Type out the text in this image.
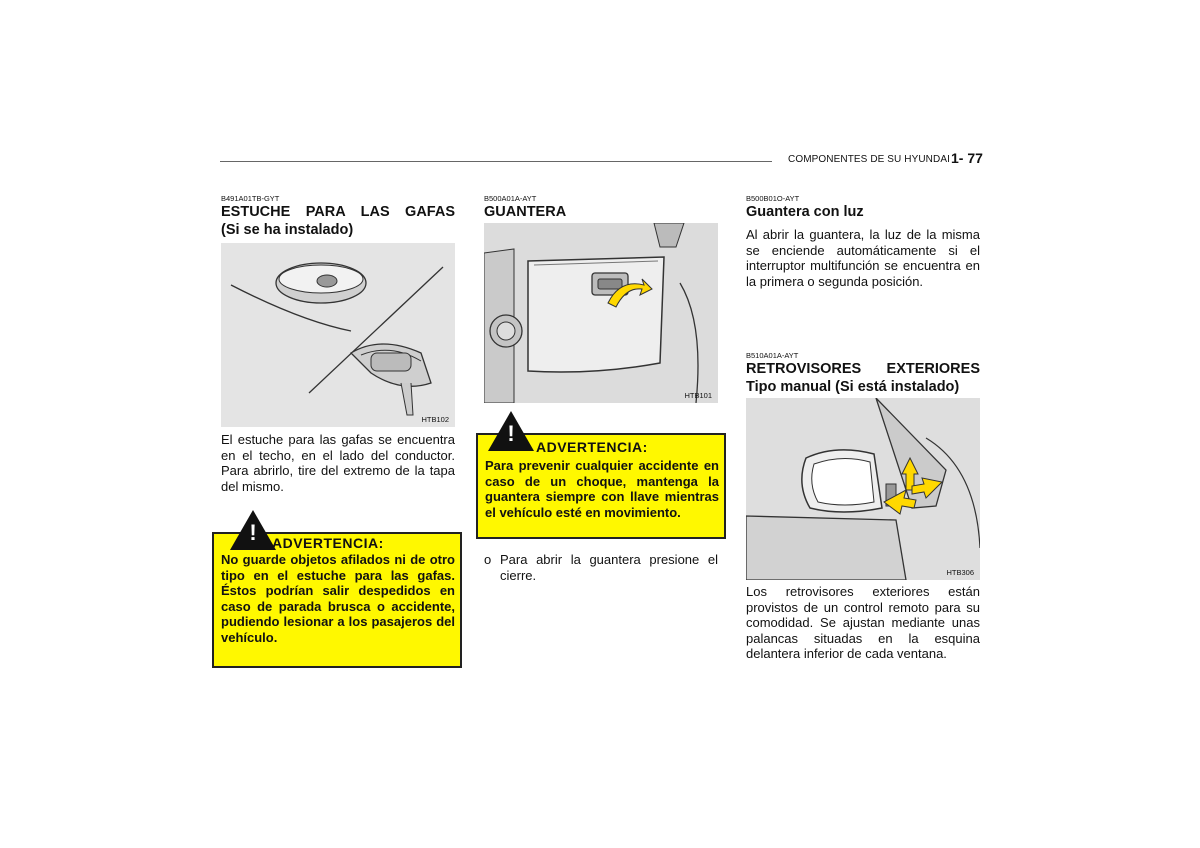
COMPONENTES DE SU HYUNDAI 1- 77
B491A01TB-GYT
ESTUCHE PARA LAS GAFAS
(Si se ha instalado)
HTB102
El estuche para las gafas se encuentra en el techo, en el lado del conductor. Para abrirlo, tire del extremo de la tapa del mismo.
!	ADVERTENCIA:
No guarde objetos afilados ni de otro tipo en el estuche para las gafas. Éstos podrían salir despedidos en caso de parada brusca o accidente, pudiendo lesionar a los pasajeros del vehículo.
B500A01A-AYT
GUANTERA
HTB101
!
ADVERTENCIA:
Para prevenir cualquier accidente en caso de un choque, mantenga la guantera siempre con llave mientras el vehículo esté en movimiento.
o Para abrir la guantera presione el cierre.
B500B01O-AYT
Guantera con luz
Al abrir la guantera, la luz de la misma se enciende automáticamente si el interruptor multifunción se encuentra en la primera o segunda posición.
B510A01A-AYT
RETROVISORES EXTERIORES
Tipo manual (Si está instalado)
HTB306
Los retrovisores exteriores están provistos de un control remoto para su comodidad. Se ajustan mediante unas palancas situadas en la esquina delantera inferior de cada ventana.
